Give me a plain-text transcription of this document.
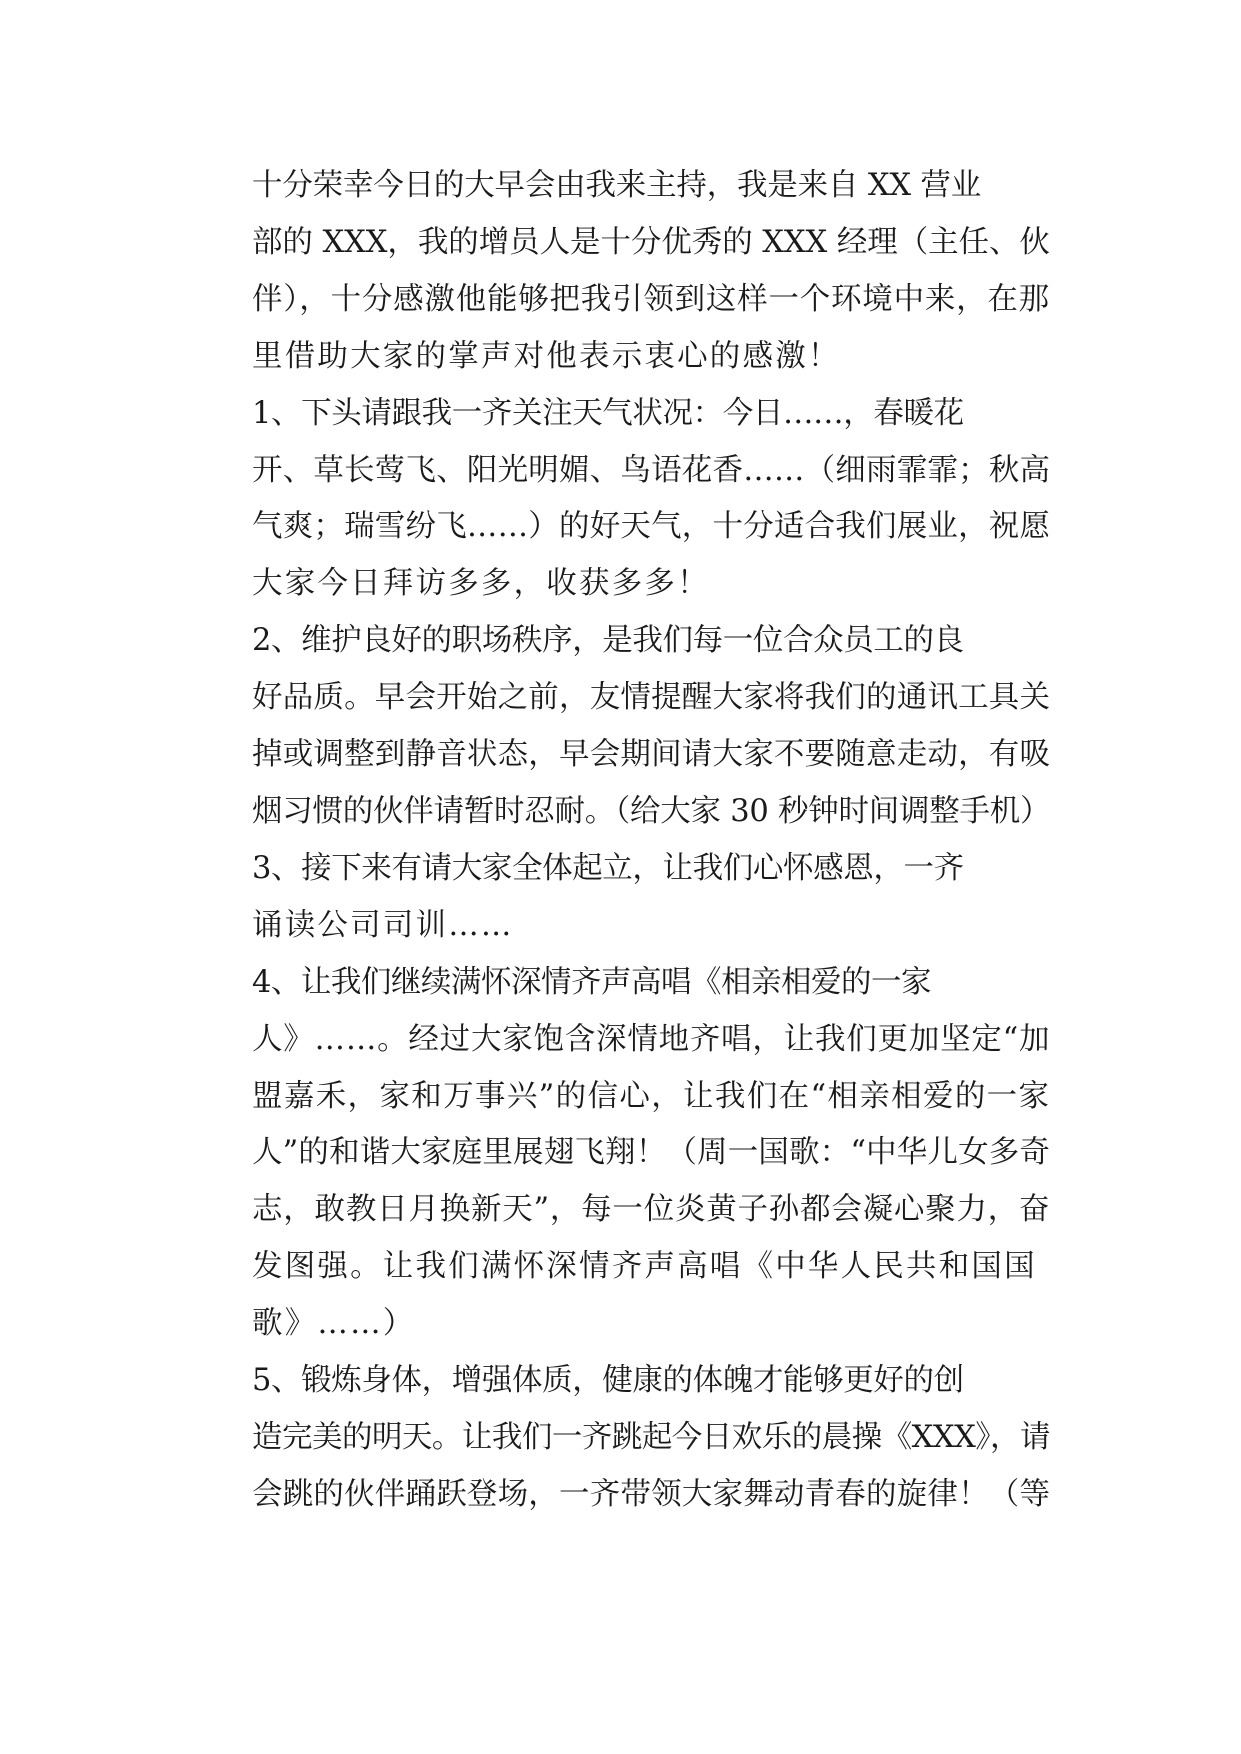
十分荣幸今日的大早会由我来主持，我是来自 XX 营业
部的 XXX，我的增员人是十分优秀的 XXX 经理（主任、伙
伴），十分感激他能够把我引领到这样一个环境中来，在那
里借助大家的掌声对他表示衷心的感激！

1、下头请跟我一齐关注天气状况：今日……，春暖花
开、草长莺飞、阳光明媚、鸟语花香……（细雨霏霏；秋高
气爽；瑞雪纷飞……）的好天气，十分适合我们展业，祝愿
大家今日拜访多多，收获多多！

2、维护良好的职场秩序，是我们每一位合众员工的良
好品质。早会开始之前，友情提醒大家将我们的通讯工具关
掉或调整到静音状态，早会期间请大家不要随意走动，有吸
烟习惯的伙伴请暂时忍耐。（给大家 30 秒钟时间调整手机）

3、接下来有请大家全体起立，让我们心怀感恩，一齐
诵读公司司训……

4、让我们继续满怀深情齐声高唱《相亲相爱的一家
人》……。经过大家饱含深情地齐唱，让我们更加坚定“加
盟嘉禾，家和万事兴”的信心，让我们在“相亲相爱的一家
人”的和谐大家庭里展翅飞翔！（周一国歌：“中华儿女多奇
志，敢教日月换新天”，每一位炎黄子孙都会凝心聚力，奋
发图强。让我们满怀深情齐声高唱《中华人民共和国国
歌》……）

5、锻炼身体，增强体质，健康的体魄才能够更好的创
造完美的明天。让我们一齐跳起今日欢乐的晨操《XXX》，请
会跳的伙伴踊跃登场，一齐带领大家舞动青春的旋律！（等
